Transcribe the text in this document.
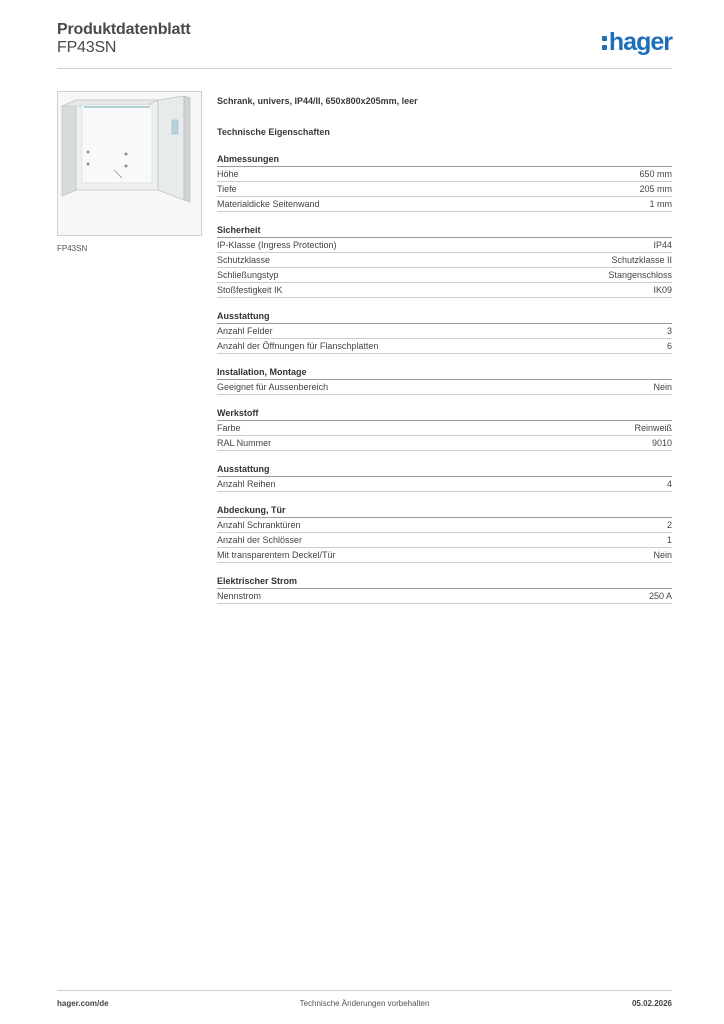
Produktdatenblatt
FP43SN	hager
FP43SN
Schrank, univers, IP44/II, 650x800x205mm, leer
Technische Eigenschaften
Abmessungen
Höhe	650 mm
Tiefe	205 mm
Materialdicke Seitenwand	1 mm
Sicherheit
IP-Klasse (Ingress Protection)	IP44
Schutzklasse	Schutzklasse II
Schließungstyp	Stangenschloss
Stoßfestigkeit IK	IK09
Ausstattung
Anzahl Felder	3
Anzahl der Öffnungen für Flanschplatten	6
Installation, Montage
Geeignet für Aussenbereich	Nein
Werkstoff
Farbe	Reinweiß
RAL Nummer	9010
Ausstattung
Anzahl Reihen	4
Abdeckung, Tür
Anzahl Schranktüren	2
Anzahl der Schlösser	1
Mit transparentem Deckel/Tür	Nein
Elektrischer Strom
Nennstrom	250 A
hager.com/de	Technische Änderungen vorbehalten	05.02.2026
